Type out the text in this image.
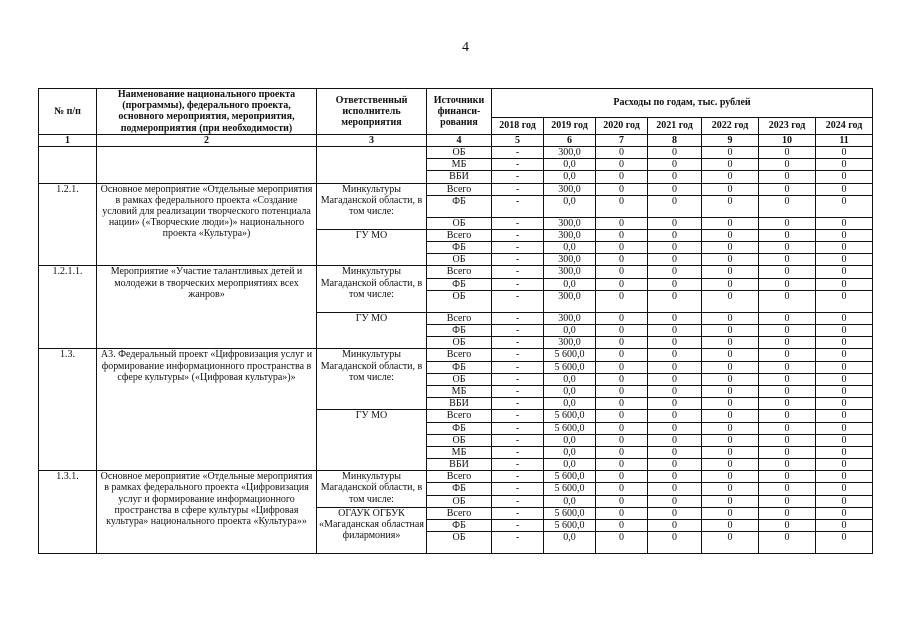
4
№ п/п	Наименование национального проекта (программы), федерального проекта, основного мероприятия, мероприятия, подмероприятия (при необходимости)	Ответственный исполнитель мероприятия	Источники финанси-рования	Расходы по годам, тыс. рублей						
				2018 год	2019 год	2020 год	2021 год	2022 год	2023 год	2024 год
1	2	3	4	5	6	7	8	9	10	11
			ОБ	-	300,0	0	0	0	0	0
			МБ	-	0,0	0	0	0	0	0
			ВБИ	-	0,0	0	0	0	0	0
1.2.1.	Основное мероприятие «Отдельные мероприятия в рамках федерального проекта «Создание условий для реализации творческого потенциала нации» («Творческие люди»)» национального проекта «Культура»)	Минкультуры Магаданской области, в том числе:	Всего	-	300,0	0	0	0	0	0
			ФБ	-	0,0	0	0	0	0	0
			ОБ	-	300,0	0	0	0	0	0
		ГУ МО	Всего	-	300,0	0	0	0	0	0
			ФБ	-	0,0	0	0	0	0	0
			ОБ	-	300,0	0	0	0	0	0
1.2.1.1.	Мероприятие «Участие талантливых детей и молодежи в творческих мероприятиях всех жанров»	Минкультуры Магаданской области, в том числе:	Всего	-	300,0	0	0	0	0	0
			ФБ	-	0,0	0	0	0	0	0
			ОБ	-	300,0	0	0	0	0	0
		ГУ МО	Всего	-	300,0	0	0	0	0	0
			ФБ	-	0,0	0	0	0	0	0
			ОБ	-	300,0	0	0	0	0	0
1.3.	А3. Федеральный проект «Цифровизация услуг и формирование информационного пространства в сфере культуры» («Цифровая культура»)»	Минкультуры Магаданской области, в том числе:	Всего	-	5 600,0	0	0	0	0	0
			ФБ	-	5 600,0	0	0	0	0	0
			ОБ	-	0,0	0	0	0	0	0
			МБ	-	0,0	0	0	0	0	0
			ВБИ	-	0,0	0	0	0	0	0
		ГУ МО	Всего	-	5 600,0	0	0	0	0	0
			ФБ	-	5 600,0	0	0	0	0	0
			ОБ	-	0,0	0	0	0	0	0
			МБ	-	0,0	0	0	0	0	0
			ВБИ	-	0,0	0	0	0	0	0
1.3.1.	Основное мероприятие «Отдельные мероприятия в рамках федерального проекта «Цифровизация услуг и формирование информационного пространства в сфере культуры «Цифровая культура» национального проекта «Культура»»	Минкультуры Магаданской области, в том числе:	Всего	-	5 600,0	0	0	0	0	0
			ФБ	-	5 600,0	0	0	0	0	0
			ОБ	-	0,0	0	0	0	0	0
		ОГАУК ОГБУК «Магаданская областная филармония»	Всего	-	5 600,0	0	0	0	0	0
			ФБ	-	5 600,0	0	0	0	0	0
			ОБ	-	0,0	0	0	0	0	0
